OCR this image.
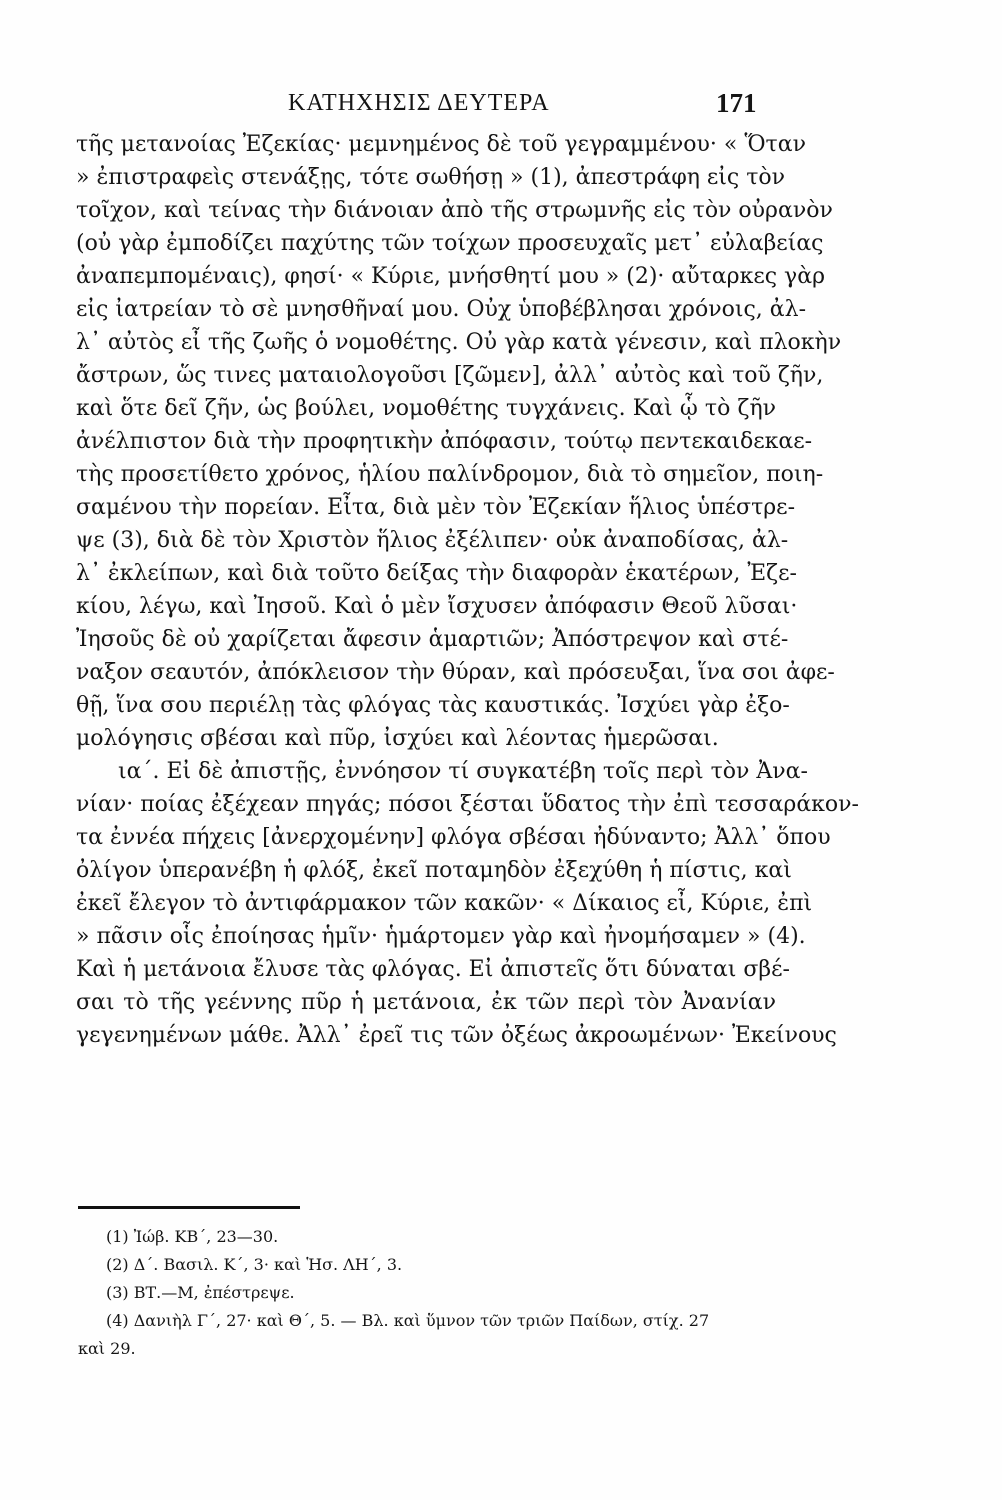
ΚΑΤΗΧΗΣΙΣ ΔΕΥΤΕΡΑ	171
τῆς μετανοίας Ἐζεκίας· μεμνημένος δὲ τοῦ γεγραμμένου· « Ὅταν
» ἐπιστραφεὶς στενάξῃς, τότε σωθήσῃ » (1), ἀπεστράφη εἰς τὸν
τοῖχον, καὶ τείνας τὴν διάνοιαν ἀπὸ τῆς στρωμνῆς εἰς τὸν οὐρανὸν
(οὐ γὰρ ἐμποδίζει παχύτης τῶν τοίχων προσευχαῖς μετ᾽ εὐλαβείας
ἀναπεμπομέναις), φησί· « Κύριε, μνήσθητί μου » (2)· αὔταρκες γὰρ
εἰς ἰατρείαν τὸ σὲ μνησθῆναί μου. Οὐχ ὑποβέβλησαι χρόνοις, ἀλ-
λ᾽ αὐτὸς εἶ τῆς ζωῆς ὁ νομοθέτης. Οὐ γὰρ κατὰ γένεσιν, καὶ πλοκὴν
ἄστρων, ὥς τινες ματαιολογοῦσι [ζῶμεν], ἀλλ᾽ αὐτὸς καὶ τοῦ ζῆν,
καὶ ὅτε δεῖ ζῆν, ὡς βούλει, νομοθέτης τυγχάνεις. Καὶ ᾧ τὸ ζῆν
ἀνέλπιστον διὰ τὴν προφητικὴν ἀπόφασιν, τούτῳ πεντεκαιδεκαε-
τὴς προσετίθετο χρόνος, ἡλίου παλίνδρομον, διὰ τὸ σημεῖον, ποιη-
σαμένου τὴν πορείαν. Εἶτα, διὰ μὲν τὸν Ἐζεκίαν ἥλιος ὑπέστρε-
ψε (3), διὰ δὲ τὸν Χριστὸν ἥλιος ἐξέλιπεν· οὐκ ἀναποδίσας, ἀλ-
λ᾽ ἐκλείπων, καὶ διὰ τοῦτο δείξας τὴν διαφορὰν ἑκατέρων, Ἐζε-
κίου, λέγω, καὶ Ἰησοῦ. Καὶ ὁ μὲν ἴσχυσεν ἀπόφασιν Θεοῦ λῦσαι·
Ἰησοῦς δὲ οὐ χαρίζεται ἄφεσιν ἁμαρτιῶν; Ἀπόστρεψον καὶ στέ-
ναξον σεαυτόν, ἀπόκλεισον τὴν θύραν, καὶ πρόσευξαι, ἵνα σοι ἀφε-
θῇ, ἵνα σου περιέλῃ τὰς φλόγας τὰς καυστικάς. Ἰσχύει γὰρ ἐξο-
μολόγησις σβέσαι καὶ πῦρ, ἰσχύει καὶ λέοντας ἡμερῶσαι.
ια΄. Εἰ δὲ ἀπιστῇς, ἐννόησον τί συγκατέβη τοῖς περὶ τὸν Ἀνα-
νίαν· ποίας ἐξέχεαν πηγάς; πόσοι ξέσται ὕδατος τὴν ἐπὶ τεσσαράκον-
τα ἐννέα πήχεις [ἀνερχομένην] φλόγα σβέσαι ἠδύναντο; Ἀλλ᾽ ὅπου
ὀλίγον ὑπερανέβη ἡ φλόξ, ἐκεῖ ποταμηδὸν ἐξεχύθη ἡ πίστις, καὶ
ἐκεῖ ἔλεγον τὸ ἀντιφάρμακον τῶν κακῶν· « Δίκαιος εἶ, Κύριε, ἐπὶ
» πᾶσιν οἷς ἐποίησας ἡμῖν· ἡμάρτομεν γὰρ καὶ ἠνομήσαμεν » (4).
Καὶ ἡ μετάνοια ἔλυσε τὰς φλόγας. Εἰ ἀπιστεῖς ὅτι δύναται σβέ-
σαι τὸ τῆς γεέννης πῦρ ἡ μετάνοια, ἐκ τῶν περὶ τὸν Ἀνανίαν
γεγενημένων μάθε. Ἀλλ᾽ ἐρεῖ τις τῶν ὀξέως ἀκροωμένων· Ἐκείνους
(1) Ἰώβ. ΚΒ΄, 23—30.
(2) Δ΄. Βασιλ. Κ΄, 3· καὶ Ἡσ. ΛΗ΄, 3.
(3) ΒΤ.—Μ, ἐπέστρεψε.
(4) Δανιὴλ Γ΄, 27· καὶ Θ΄, 5. — Βλ. καὶ ὕμνον τῶν τριῶν Παίδων, στίχ. 27
καὶ 29.
